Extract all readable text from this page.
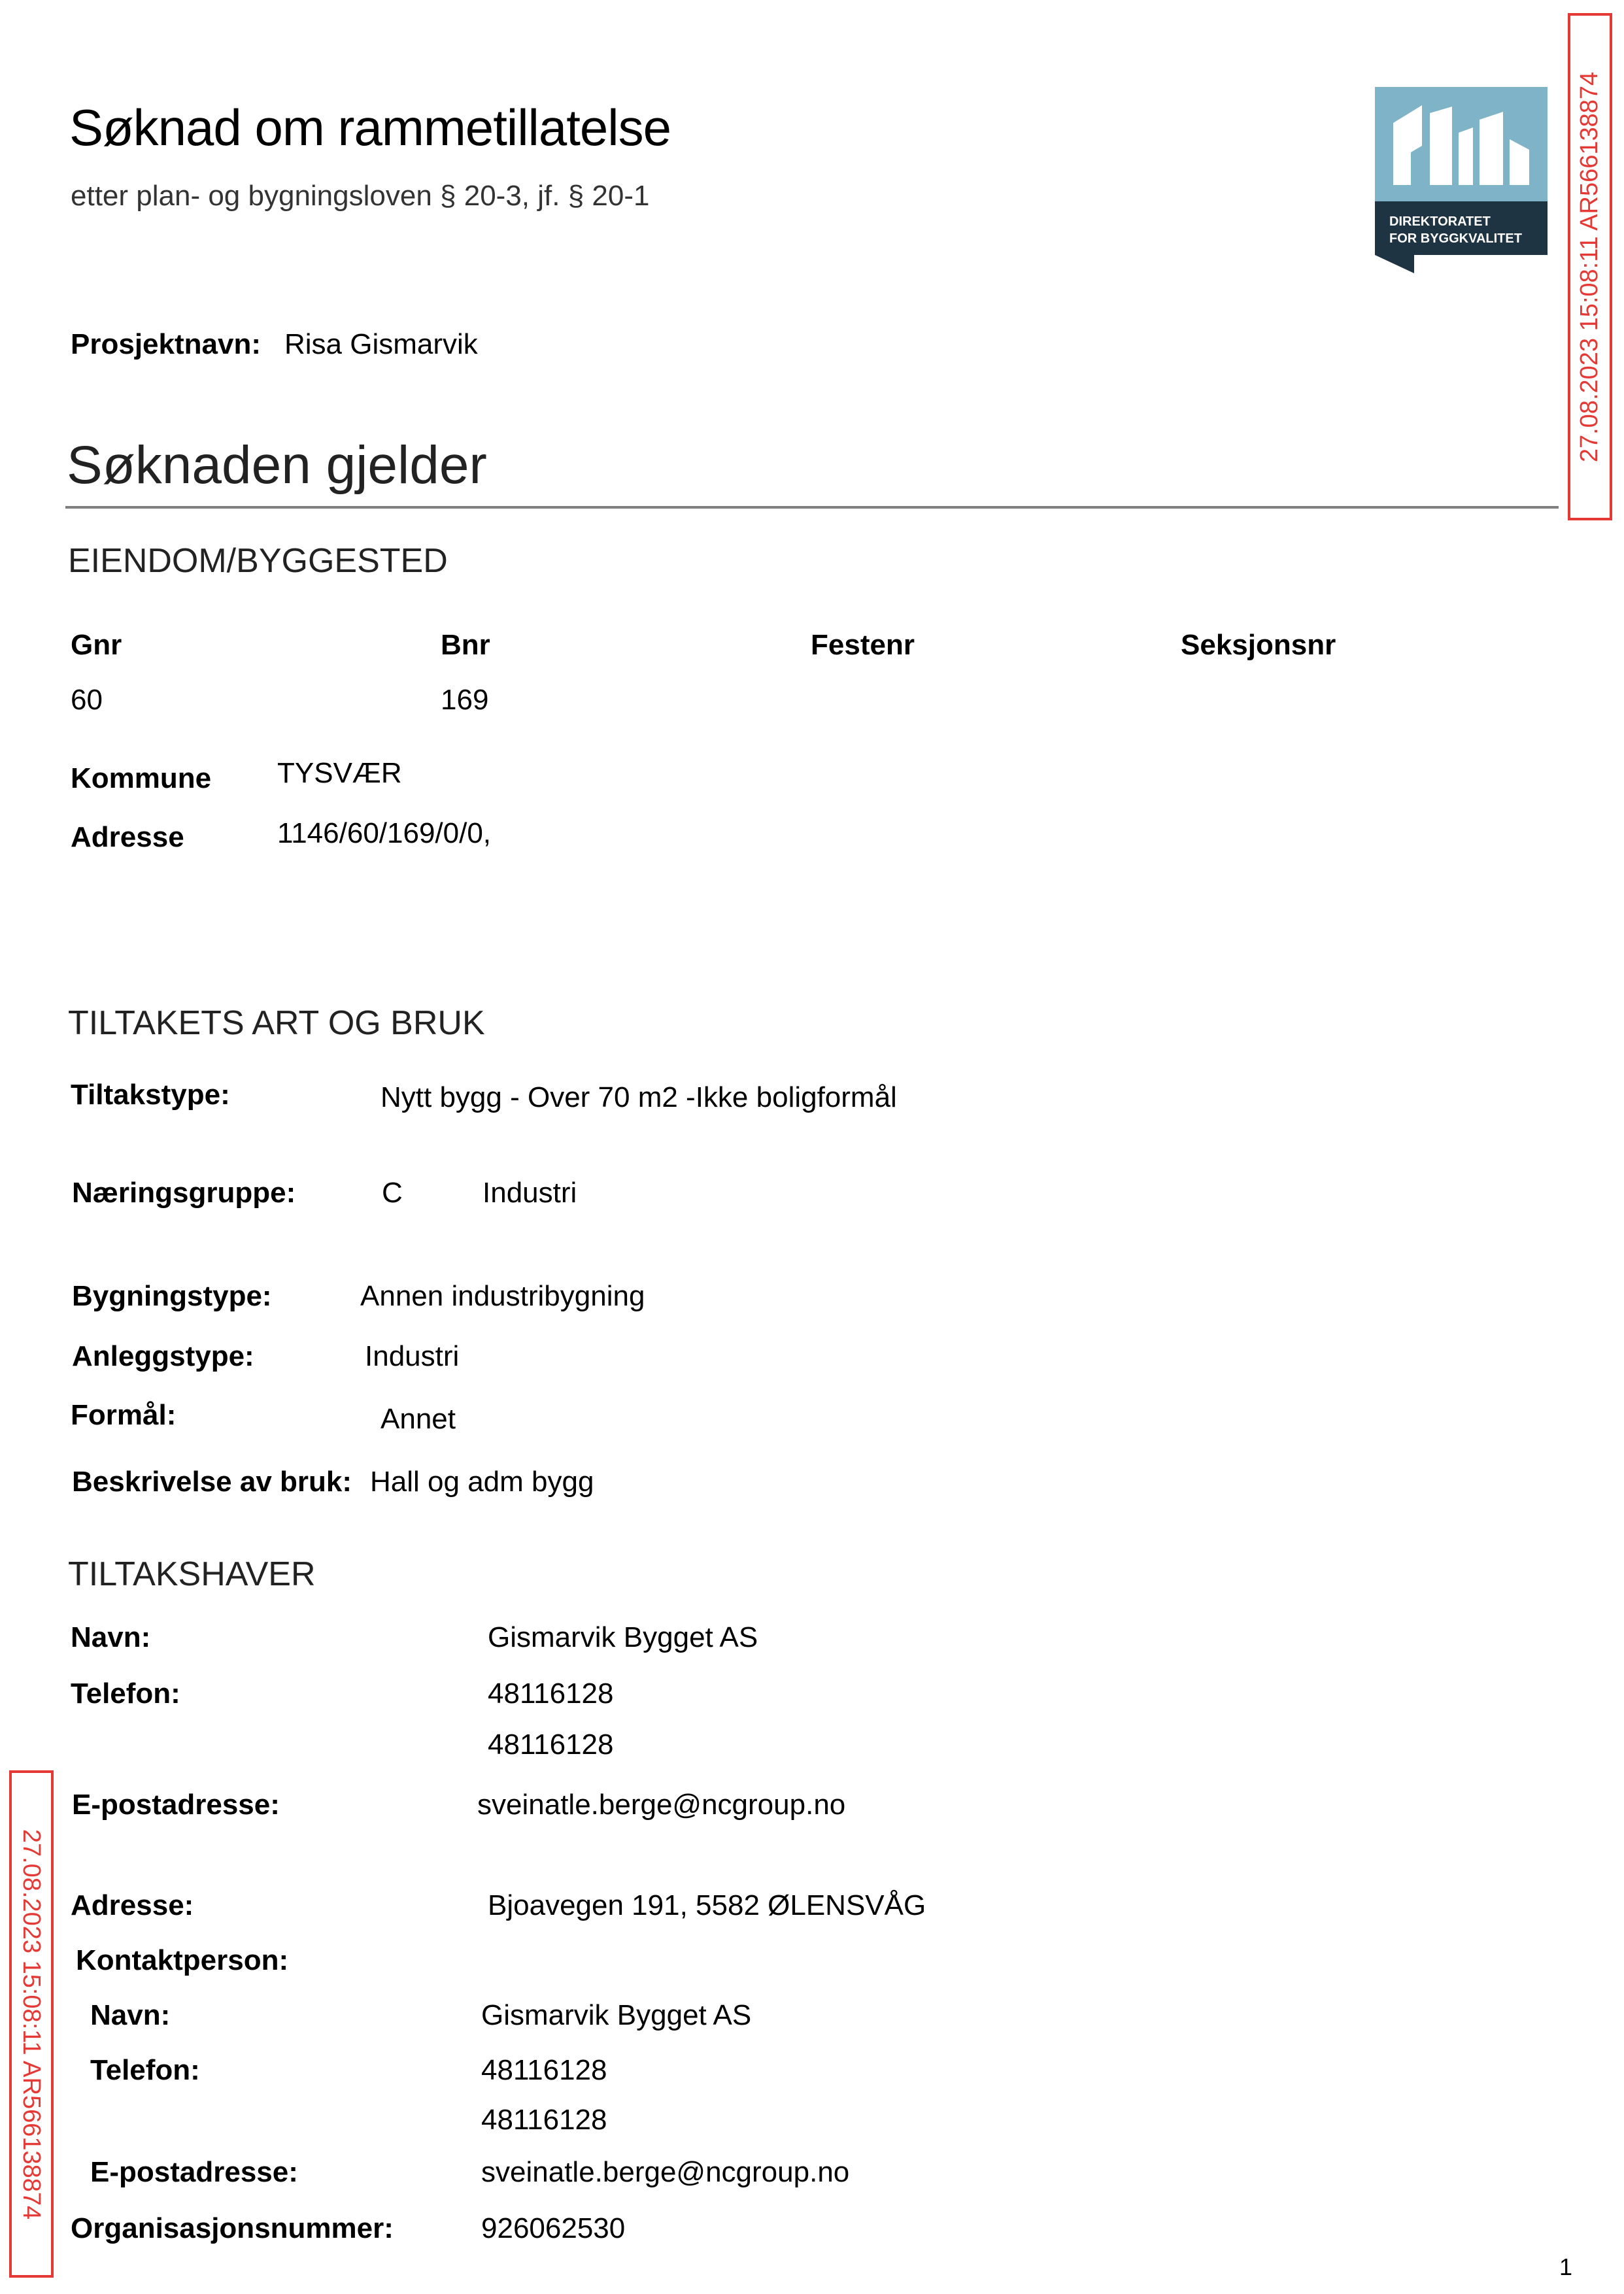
Søknad om rammetillatelse
etter plan- og bygningsloven § 20-3, jf. § 20-1
DIREKTORATET
FOR BYGGKVALITET 27.08.2023 15:08:11 AR566138874
27.08.2023 15:08:11 AR566138874
Prosjektnavn: Risa Gismarvik
Søknaden gjelder
EIENDOM/BYGGESTED
Gnr	Bnr	Festenr	Seksjonsnr
60	169
Kommune TYSVÆR
Adresse	1146/60/169/0/0,
TILTAKETS ART OG BRUK
Tiltakstype:	Nytt bygg - Over 70 m2 -Ikke boligformål
Næringsgruppe:	C	Industri
Bygningstype:	Annen industribygning
Anleggstype:	Industri
Formål:	Annet
Beskrivelse av bruk: Hall og adm bygg
TILTAKSHAVER
Navn:	Gismarvik Bygget AS
Telefon:	48116128
48116128
E-postadresse:	sveinatle.berge@ncgroup.no
Adresse:	Bjoavegen 191, 5582 ØLENSVÅG
Kontaktperson:
Navn:	Gismarvik Bygget AS
Telefon:	48116128
48116128
E-postadresse:	sveinatle.berge@ncgroup.no
Organisasjonsnummer:	926062530
1
